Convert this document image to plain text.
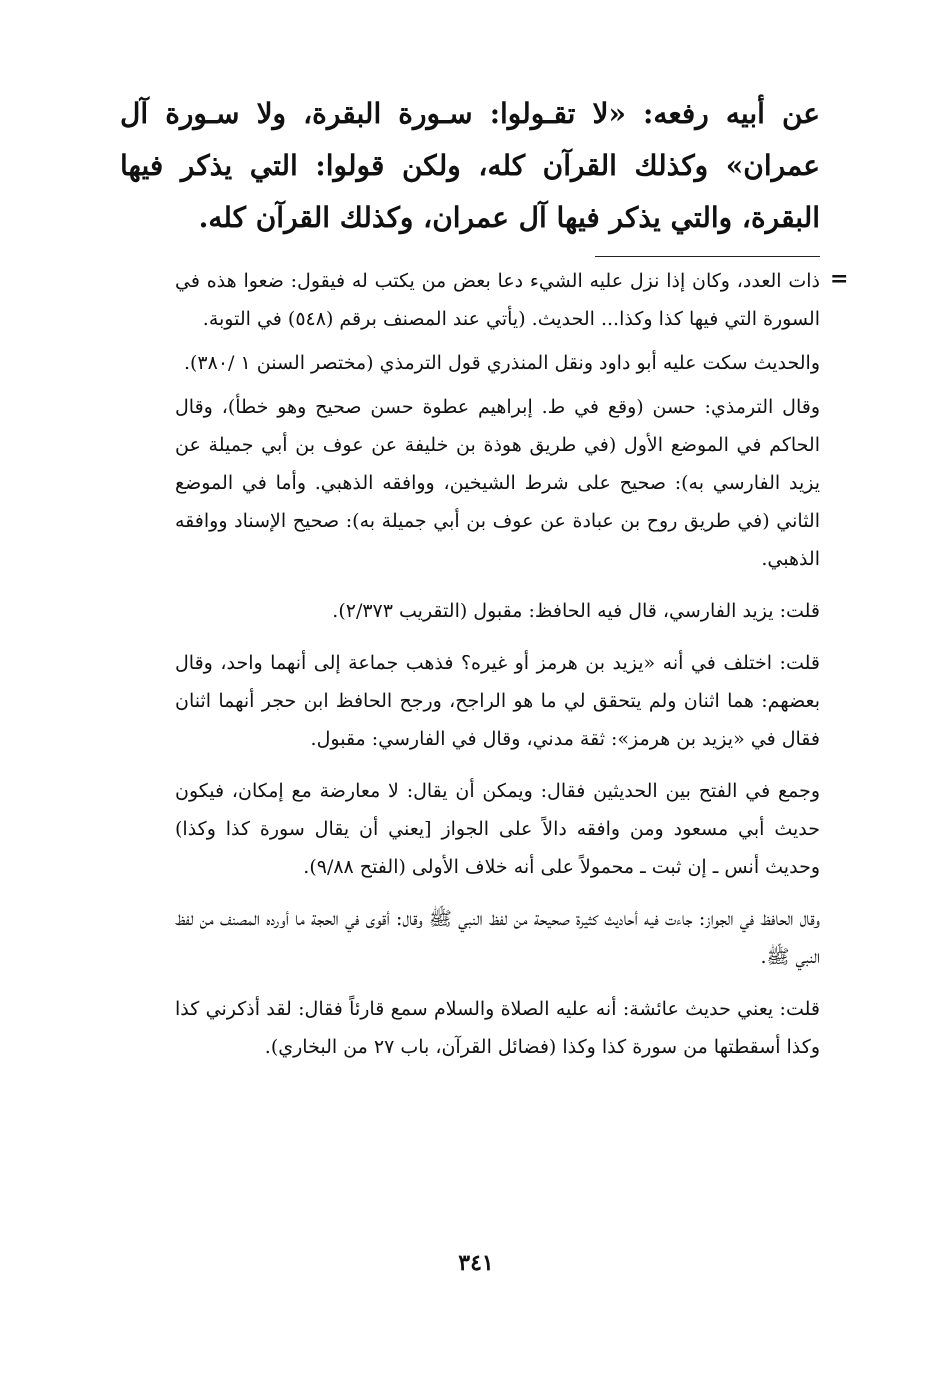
عن أبيه رفعه: «لا تقـولوا: سـورة البقرة، ولا سـورة آل عمران» وكذلك القرآن كله، ولكن قولوا: التي يذكر فيها البقرة، والتي يذكر فيها آل عمران، وكذلك القرآن كله.

=

ذات العدد، وكان إذا نزل عليه الشيء دعا بعض من يكتب له فيقول: ضعوا هذه في السورة التي فيها كذا وكذا... الحديث. (يأتي عند المصنف برقم (٥٤٨) في التوبة.

والحديث سكت عليه أبو داود ونقل المنذري قول الترمذي (مختصر السنن ١ /٣٨٠).

وقال الترمذي: حسن (وقع في ط. إبراهيم عطوة حسن صحيح وهو خطأ)، وقال الحاكم في الموضع الأول (في طريق هوذة بن خليفة عن عوف بن أبي جميلة عن يزيد الفارسي به): صحيح على شرط الشيخين، ووافقه الذهبي. وأما في الموضع الثاني (في طريق روح بن عبادة عن عوف بن أبي جميلة به): صحيح الإسناد ووافقه الذهبي.

قلت: يزيد الفارسي، قال فيه الحافظ: مقبول (التقريب ٢/٣٧٣).

قلت: اختلف في أنه «يزيد بن هرمز أو غيره؟ فذهب جماعة إلى أنهما واحد، وقال بعضهم: هما اثنان ولم يتحقق لي ما هو الراجح، ورجح الحافظ ابن حجر أنهما اثنان فقال في «يزيد بن هرمز»: ثقة مدني، وقال في الفارسي: مقبول.

وجمع في الفتح بين الحديثين فقال: ويمكن أن يقال: لا معارضة مع إمكان، فيكون حديث أبي مسعود ومن وافقه دالاً على الجواز [يعني أن يقال سورة كذا وكذا) وحديث أنس ـ إن ثبت ـ محمولاً على أنه خلاف الأولى (الفتح ٩/٨٨).

وقال الحافظ في الجواز: جاءت فيه أحاديث كثيرة صحيحة من لفظ النبي ﷺ وقال: أقوى في الحجة ما أورده المصنف من لفظ النبي ﷺ.

قلت: يعني حديث عائشة: أنه عليه الصلاة والسلام سمع قارئاً فقال: لقد أذكرني كذا وكذا أسقطتها من سورة كذا وكذا (فضائل القرآن، باب ٢٧ من البخاري).

٣٤١
